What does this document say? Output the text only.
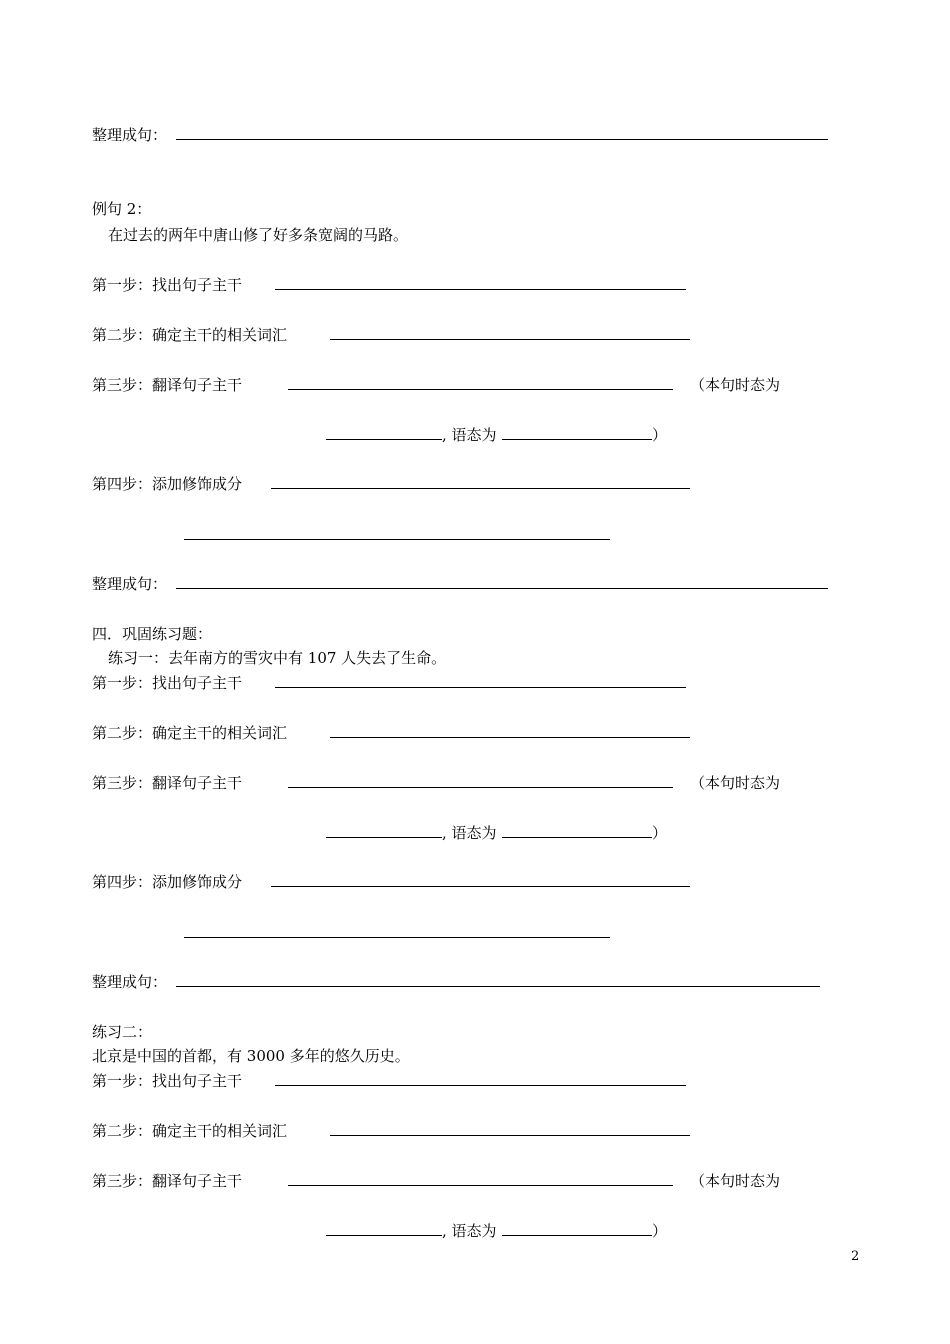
整理成句：
例句 2：
在过去的两年中唐山修了好多条宽阔的马路。
第一步：找出句子主干
第二步：确定主干的相关词汇
第三步：翻译句子主干	（本句时态为
, 语态为	）
第四步：添加修饰成分
整理成句：
四．巩固练习题：
练习一：去年南方的雪灾中有 107 人失去了生命。
第一步：找出句子主干
第二步：确定主干的相关词汇
第三步：翻译句子主干	（本句时态为
, 语态为	）
第四步：添加修饰成分
整理成句：
练习二：
北京是中国的首都，有 3000 多年的悠久历史。
第一步：找出句子主干
第二步：确定主干的相关词汇
第三步：翻译句子主干	（本句时态为
, 语态为	）
2
